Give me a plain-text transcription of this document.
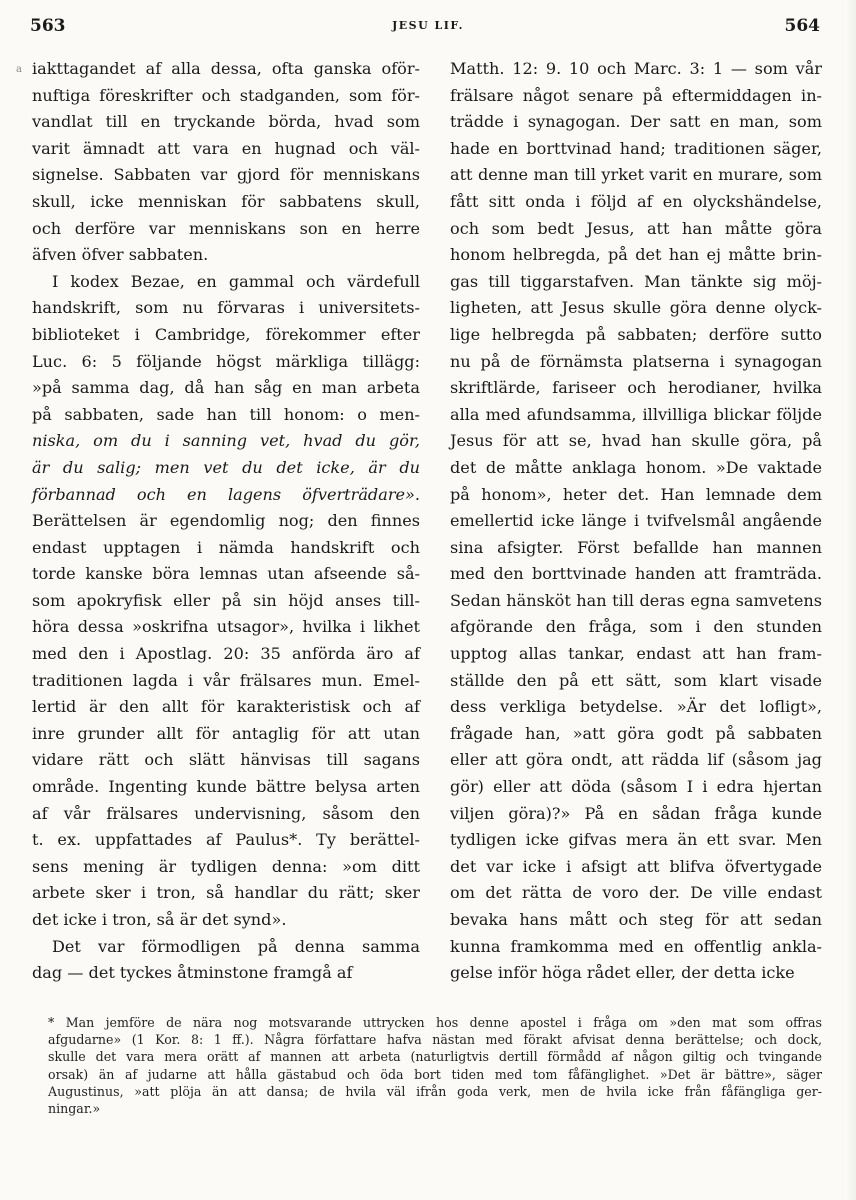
563	JESU LIF.	564
a iakttagandet af alla dessa, ofta ganska oför-
nuftiga föreskrifter och stadganden, som för-
vandlat till en tryckande börda, hvad som
varit ämnadt att vara en hugnad och väl-
signelse. Sabbaten var gjord för menniskans
skull, icke menniskan för sabbatens skull,
och derföre var menniskans son en herre
äfven öfver sabbaten.
I kodex Bezae, en gammal och värdefull
handskrift, som nu förvaras i universitets-
biblioteket i Cambridge, förekommer efter
Luc. 6: 5 följande högst märkliga tillägg:
»på samma dag, då han såg en man arbeta
på sabbaten, sade han till honom: o men-
niska, om du i sanning vet, hvad du gör,
är du salig; men vet du det icke, är du
förbannad och en lagens öfverträdare».
Berättelsen är egendomlig nog; den finnes
endast upptagen i nämda handskrift och
torde kanske böra lemnas utan afseende så-
som apokryfisk eller på sin höjd anses till-
höra dessa »oskrifna utsagor», hvilka i likhet
med den i Apostlag. 20: 35 anförda äro af
traditionen lagda i vår frälsares mun. Emel-
lertid är den allt för karakteristisk och af
inre grunder allt för antaglig för att utan
vidare rätt och slätt hänvisas till sagans
område. Ingenting kunde bättre belysa arten
af vår frälsares undervisning, såsom den
t. ex. uppfattades af Paulus*. Ty berättel-
sens mening är tydligen denna: »om ditt
arbete sker i tron, så handlar du rätt; sker
det icke i tron, så är det synd».
Det var förmodligen på denna samma
dag — det tyckes åtminstone framgå af
Matth. 12: 9. 10 och Marc. 3: 1 — som vår
frälsare något senare på eftermiddagen in-
trädde i synagogan. Der satt en man, som
hade en borttvinad hand; traditionen säger,
att denne man till yrket varit en murare, som
fått sitt onda i följd af en olyckshändelse,
och som bedt Jesus, att han måtte göra
honom helbregda, på det han ej måtte brin-
gas till tiggarstafven. Man tänkte sig möj-
ligheten, att Jesus skulle göra denne olyck-
lige helbregda på sabbaten; derföre sutto
nu på de förnämsta platserna i synagogan
skriftlärde, fariseer och herodianer, hvilka
alla med afundsamma, illvilliga blickar följde
Jesus för att se, hvad han skulle göra, på
det de måtte anklaga honom. »De vaktade
på honom», heter det. Han lemnade dem
emellertid icke länge i tvifvelsmål angående
sina afsigter. Först befallde han mannen
med den borttvinade handen att framträda.
Sedan hänsköt han till deras egna samvetens
afgörande den fråga, som i den stunden
upptog allas tankar, endast att han fram-
ställde den på ett sätt, som klart visade
dess verkliga betydelse. »Är det lofligt»,
frågade han, »att göra godt på sabbaten
eller att göra ondt, att rädda lif (såsom jag
gör) eller att döda (såsom I i edra hjertan
viljen göra)?» På en sådan fråga kunde
tydligen icke gifvas mera än ett svar. Men
det var icke i afsigt att blifva öfvertygade
om det rätta de voro der. De ville endast
bevaka hans mått och steg för att sedan
kunna framkomma med en offentlig ankla-
gelse inför höga rådet eller, der detta icke
* Man jemföre de nära nog motsvarande uttrycken hos denne apostel i fråga om »den mat som offras
afgudarne» (1 Kor. 8: 1 ff.). Några författare hafva nästan med förakt afvisat denna berättelse; och dock,
skulle det vara mera orätt af mannen att arbeta (naturligtvis dertill förmådd af någon giltig och tvingande
orsak) än af judarne att hålla gästabud och öda bort tiden med tom fåfänglighet. »Det är bättre», säger
Augustinus, »att plöja än att dansa; de hvila väl ifrån goda verk, men de hvila icke från fåfängliga ger-
ningar.»
